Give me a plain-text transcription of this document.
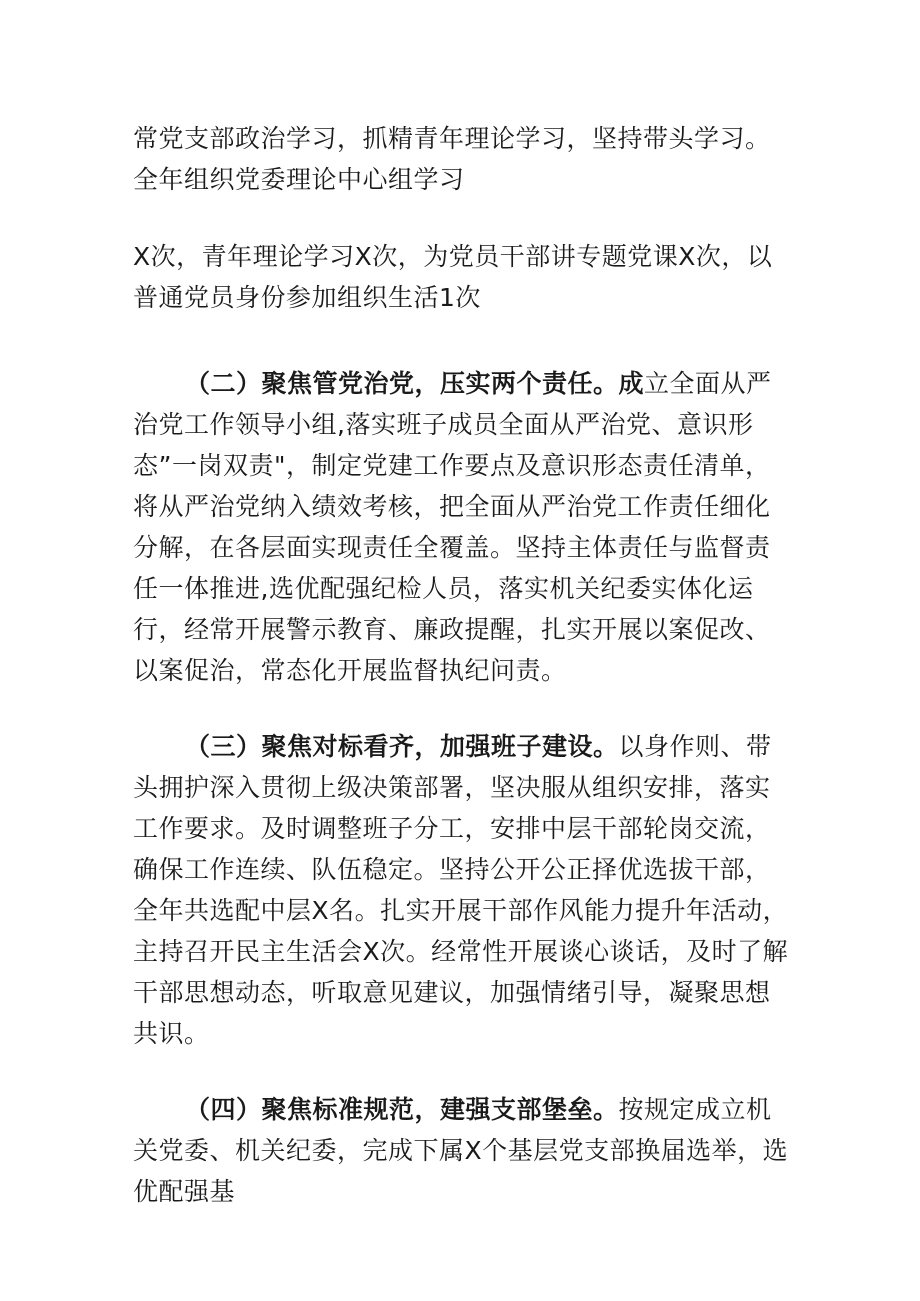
常党支部政治学习，抓精青年理论学习，坚持带头学习。全年组织党委理论中心组学习

X次，青年理论学习X次，为党员干部讲专题党课X次，以普通党员身份参加组织生活1次

（二）聚焦管党治党，压实两个责任。成立全面从严治党工作领导小组,落实班子成员全面从严治党、意识形态”一岗双责"，制定党建工作要点及意识形态责任清单，将从严治党纳入绩效考核，把全面从严治党工作责任细化分解，在各层面实现责任全覆盖。坚持主体责任与监督责任一体推进,选优配强纪检人员，落实机关纪委实体化运行，经常开展警示教育、廉政提醒，扎实开展以案促改、以案促治，常态化开展监督执纪问责。

（三）聚焦对标看齐，加强班子建设。以身作则、带头拥护深入贯彻上级决策部署，坚决服从组织安排，落实工作要求。及时调整班子分工，安排中层干部轮岗交流，确保工作连续、队伍稳定。坚持公开公正择优选拔干部，全年共选配中层X名。扎实开展干部作风能力提升年活动，主持召开民主生活会X次。经常性开展谈心谈话，及时了解干部思想动态，听取意见建议，加强情绪引导，凝聚思想共识。

（四）聚焦标准规范，建强支部堡垒。按规定成立机关党委、机关纪委，完成下属X个基层党支部换届选举，选优配强基
